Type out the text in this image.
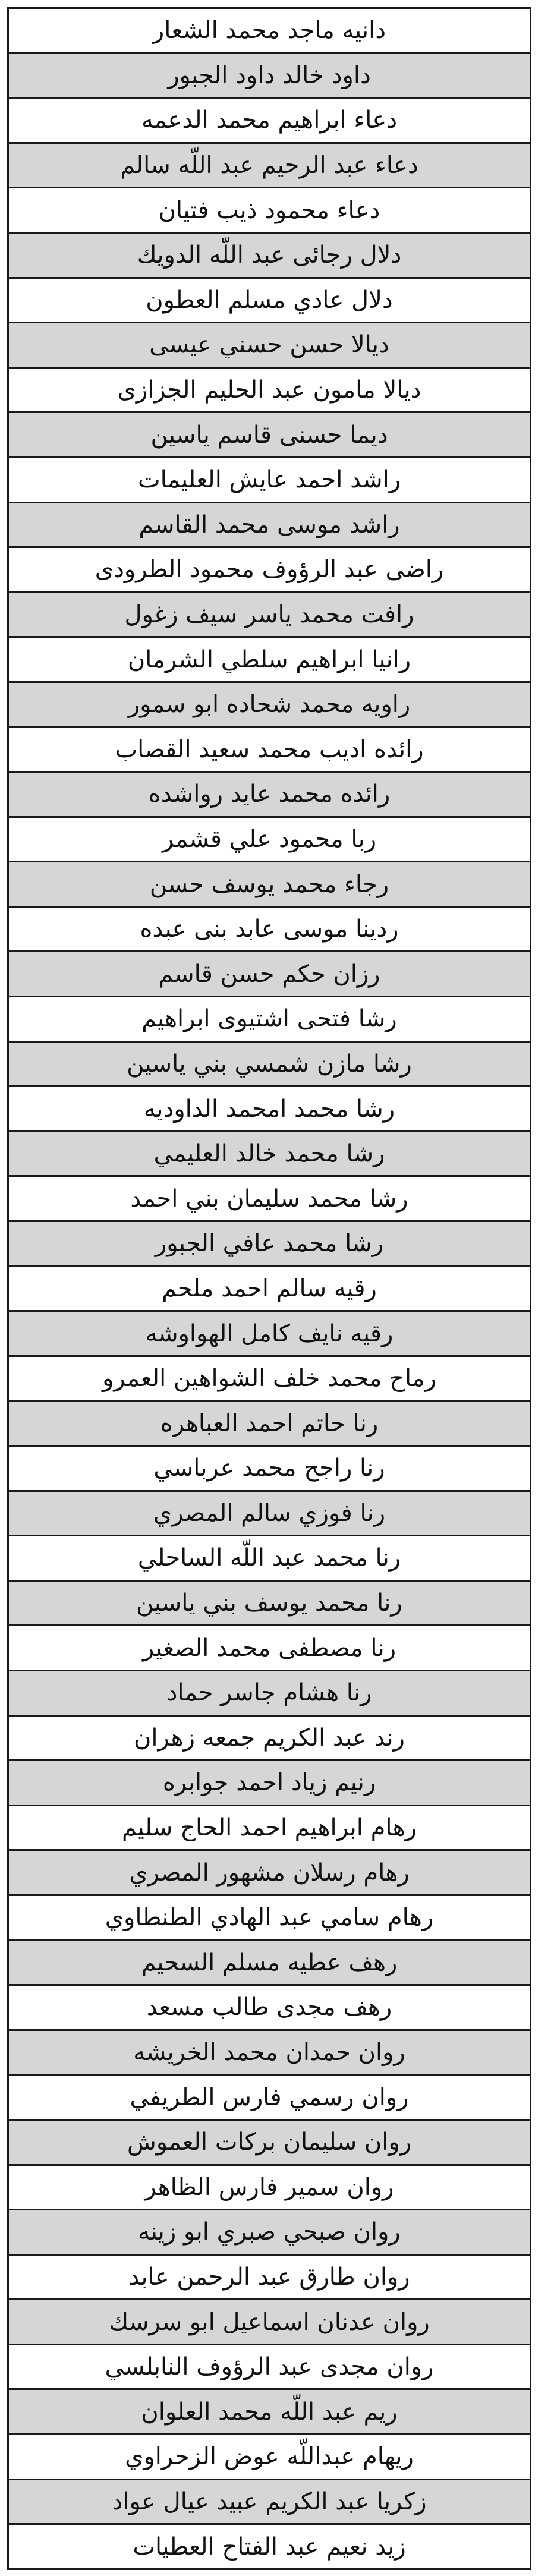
دانيه ماجد محمد الشعار
داود خالد داود الجبور
دعاء ابراهيم محمد الدعمه
دعاء عبد الرحيم عبد اللّه سالم
دعاء محمود ذيب فتيان
دلال رجائى عبد اللّه الدويك
دلال عادي مسلم العطون
ديالا حسن حسني عيسى
ديالا مامون عبد الحليم الجزازى
ديما حسنى قاسم ياسين
راشد احمد عايش العليمات
راشد موسى محمد القاسم
راضى عبد الرؤوف محمود الطرودى
رافت محمد ياسر سيف زغول
رانيا ابراهيم سلطي الشرمان
راويه محمد شحاده ابو سمور
رائده اديب محمد سعيد القصاب
رائده محمد عايد رواشده
ربا محمود علي قشمر
رجاء محمد يوسف حسن
ردينا موسى عابد بنى عبده
رزان حكم حسن قاسم
رشا فتحى اشتيوى ابراهيم
رشا مازن شمسي بني ياسين
رشا محمد امحمد الداوديه
رشا محمد خالد العليمي
رشا محمد سليمان بني احمد
رشا محمد عافي الجبور
رقيه سالم احمد ملحم
رقيه نايف كامل الهواوشه
رماح محمد خلف الشواهين العمرو
رنا حاتم احمد العباهره
رنا راجح محمد عرباسي
رنا فوزي سالم المصري
رنا محمد عبد اللّه الساحلي
رنا محمد يوسف بني ياسين
رنا مصطفى محمد الصغير
رنا هشام جاسر حماد
رند عبد الكريم جمعه زهران
رنيم زياد احمد جوابره
رهام ابراهيم احمد الحاج سليم
رهام رسلان مشهور المصري
رهام سامي عبد الهادي الطنطاوي
رهف عطيه مسلم السحيم
رهف مجدى طالب مسعد
روان حمدان محمد الخريشه
روان رسمي فارس الطريفي
روان سليمان بركات العموش
روان سمير فارس الظاهر
روان صبحي صبري ابو زينه
روان طارق عبد الرحمن عابد
روان عدنان اسماعيل ابو سرسك
روان مجدى عبد الرؤوف النابلسي
ريم عبد اللّه محمد العلوان
ريهام عبداللّه عوض الزحراوي
زكريا عبد الكريم عبيد عيال عواد
زيد نعيم عبد الفتاح العطيات
